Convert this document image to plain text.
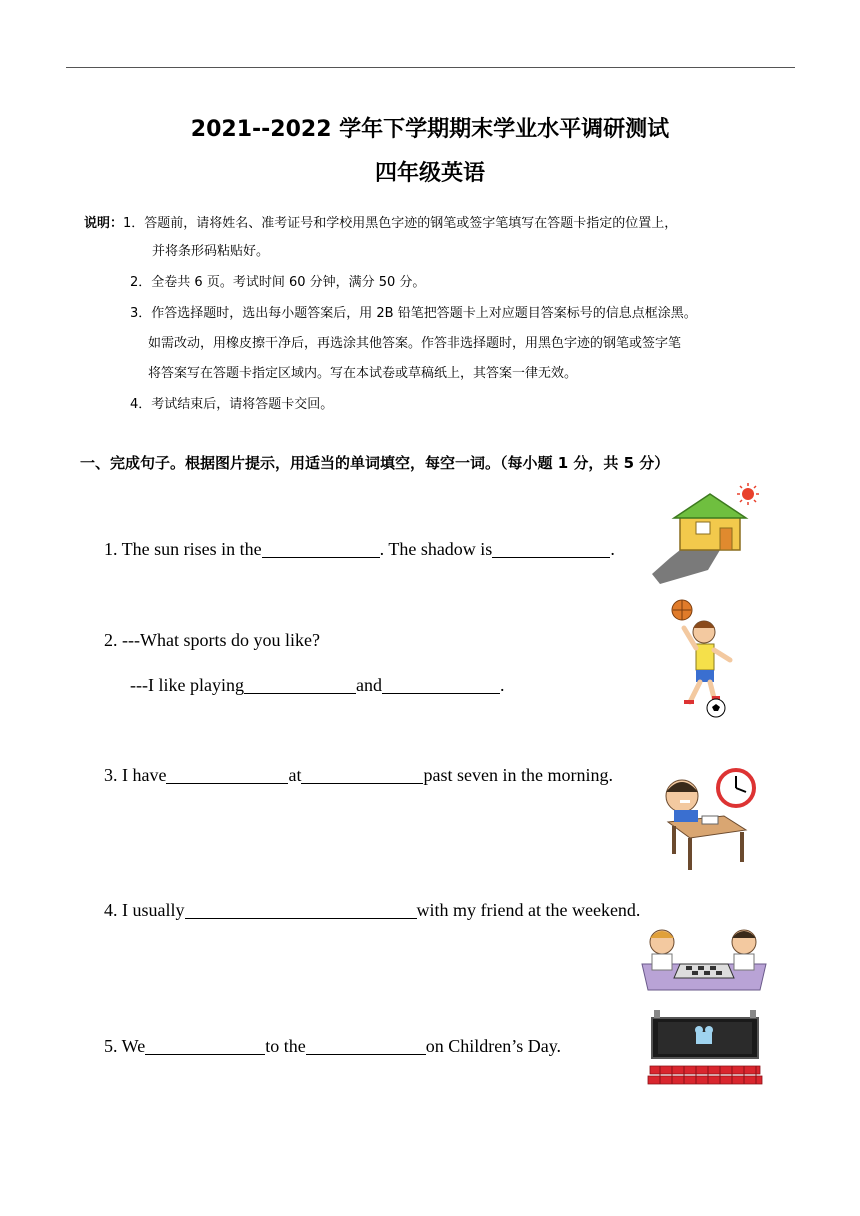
2021--2022 学年下学期期末学业水平调研测试
四年级英语
说明：1．答题前，请将姓名、准考证号和学校用黑色字迹的钢笔或签字笔填写在答题卡指定的位置上，
并将条形码粘贴好。
2．全卷共 6 页。考试时间 60 分钟，满分 50 分。
3．作答选择题时，选出每小题答案后，用 2B 铅笔把答题卡上对应题目答案标号的信息点框涂黑。
如需改动，用橡皮擦干净后，再选涂其他答案。作答非选择题时，用黑色字迹的钢笔或签字笔
将答案写在答题卡指定区域内。写在本试卷或草稿纸上，其答案一律无效。
4．考试结束后，请将答题卡交回。
一、完成句子。根据图片提示，用适当的单词填空，每空一词。（每小题 1 分，共 5 分）
1. The sun rises in the	. The shadow is	.
2. ---What sports do you like?
---I like playing	and	.
3. I have	at	past seven in the morning.
4. I usually	with my friend at the weekend.
5. We	to the	on Children’s Day.
